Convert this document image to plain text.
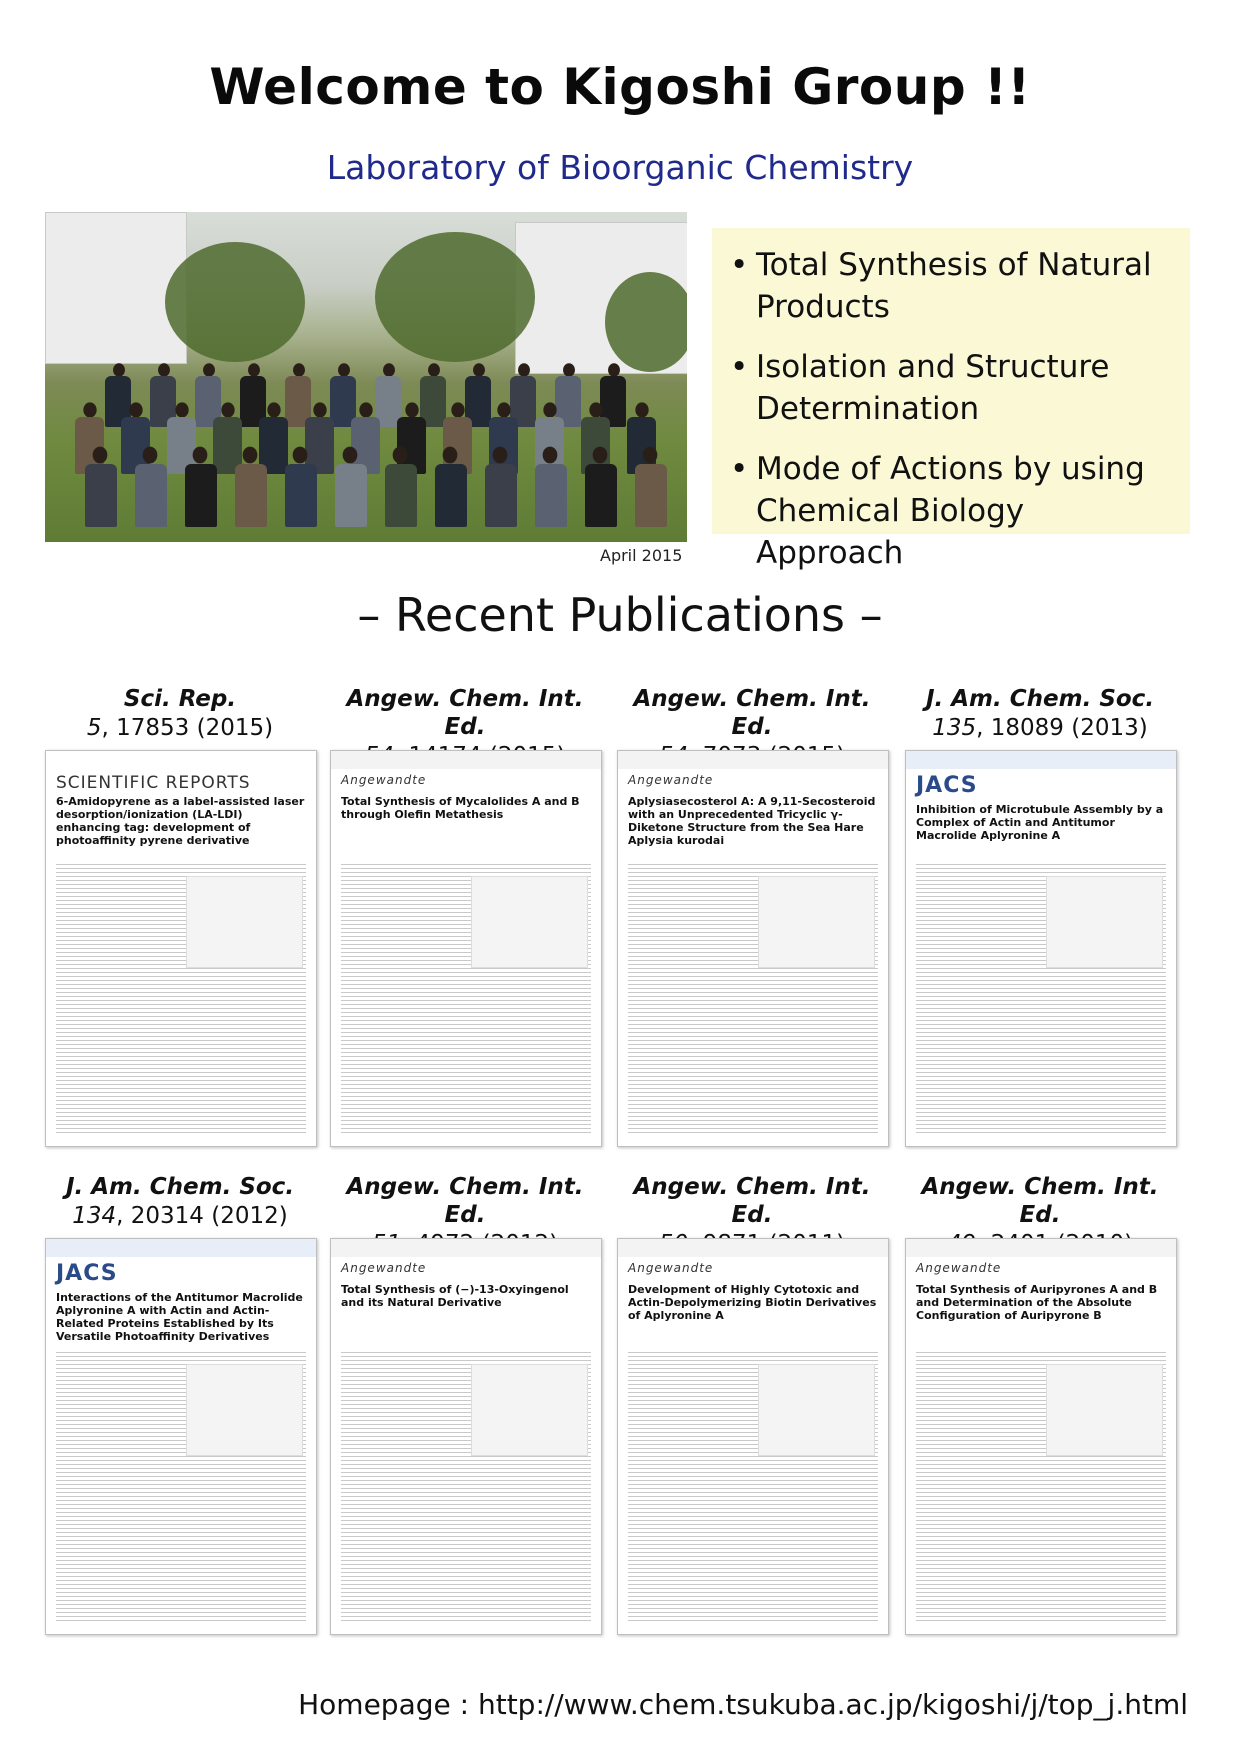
Welcome to Kigoshi Group !!
Laboratory of Bioorganic Chemistry
April 2015
• Total Synthesis of Natural Products
• Isolation and Structure Determination
• Mode of Actions by using Chemical Biology Approach
– Recent Publications –
Sci. Rep.
5, 17853 (2015)
SCIENTIFIC REPORTS
6-Amidopyrene as a label-assisted laser desorption/ionization (LA-LDI) enhancing tag: development of photoaffinity pyrene derivative
Angew. Chem. Int. Ed.
Angewandte
Total Synthesis of Mycalolides A and B through Olefin Metathesis
Angew. Chem. Int. Ed.
Angewandte
Aplysiasecosterol A: A 9,11-Secosteroid with an Unprecedented Tricyclic γ-Diketone Structure from the Sea Hare Aplysia kurodai
J. Am. Chem. Soc.
135, 18089 (2013)
JACS
Inhibition of Microtubule Assembly by a Complex of Actin and Antitumor Macrolide Aplyronine A
J. Am. Chem. Soc.
134, 20314 (2012)
JACS
Interactions of the Antitumor Macrolide Aplyronine A with Actin and Actin-Related Proteins Established by Its Versatile Photoaffinity Derivatives
Angew. Chem. Int. Ed.
Angewandte
Total Synthesis of (−)-13-Oxyingenol and its Natural Derivative
Angew. Chem. Int. Ed.
Angewandte
Development of Highly Cytotoxic and Actin-Depolymerizing Biotin Derivatives of Aplyronine A
Angew. Chem. Int. Ed.
Angewandte
Total Synthesis of Auripyrones A and B and Determination of the Absolute Configuration of Auripyrone B
Homepage : http://www.chem.tsukuba.ac.jp/kigoshi/j/top_j.html
